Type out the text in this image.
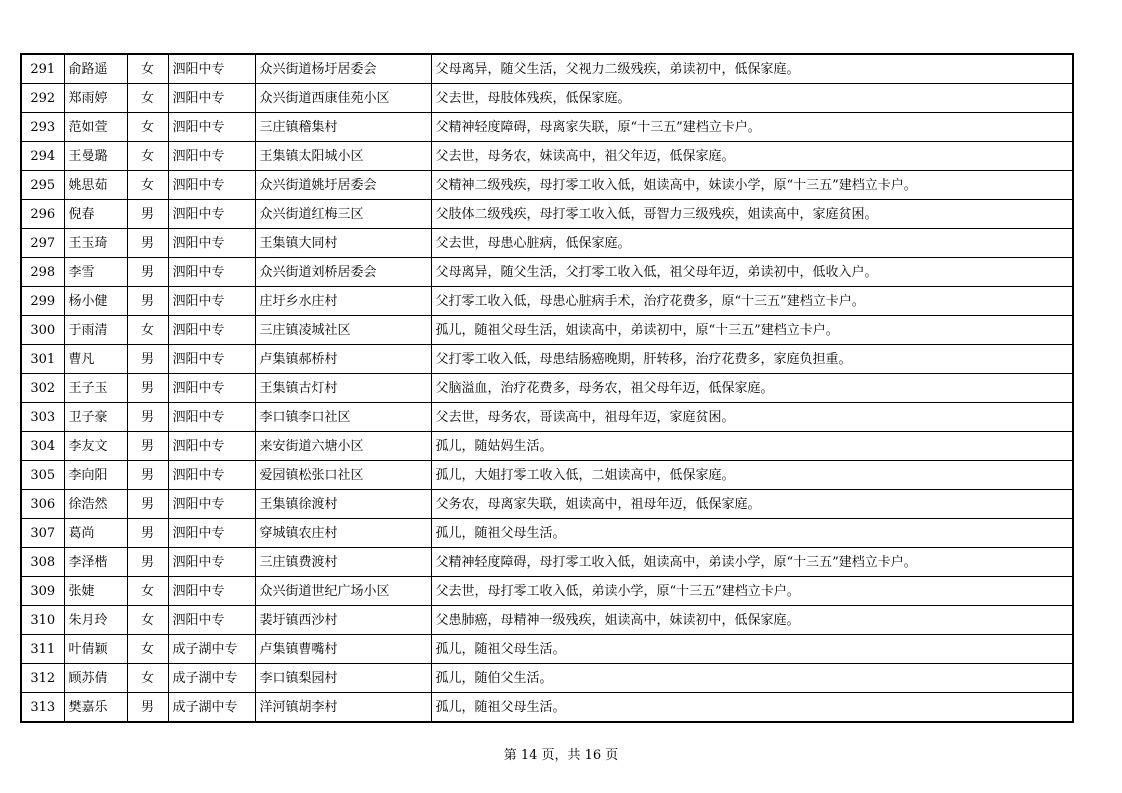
291	俞路遥	女	泗阳中专	众兴街道杨圩居委会	父母离异，随父生活，父视力二级残疾，弟读初中，低保家庭。
292	郑雨婷	女	泗阳中专	众兴街道西康佳苑小区	父去世，母肢体残疾，低保家庭。
293	范如萱	女	泗阳中专	三庄镇稽集村	父精神轻度障碍，母离家失联，原“十三五”建档立卡户。
294	王曼璐	女	泗阳中专	王集镇太阳城小区	父去世，母务农，妹读高中，祖父年迈，低保家庭。
295	姚思茹	女	泗阳中专	众兴街道姚圩居委会	父精神二级残疾，母打零工收入低，姐读高中，妹读小学，原“十三五”建档立卡户。
296	倪春	男	泗阳中专	众兴街道红梅三区	父肢体二级残疾，母打零工收入低，哥智力三级残疾，姐读高中，家庭贫困。
297	王玉琦	男	泗阳中专	王集镇大同村	父去世，母患心脏病，低保家庭。
298	李雪	男	泗阳中专	众兴街道刘桥居委会	父母离异，随父生活，父打零工收入低，祖父母年迈，弟读初中，低收入户。
299	杨小健	男	泗阳中专	庄圩乡水庄村	父打零工收入低，母患心脏病手术，治疗花费多，原“十三五”建档立卡户。
300	于雨清	女	泗阳中专	三庄镇凌城社区	孤儿，随祖父母生活，姐读高中，弟读初中，原“十三五”建档立卡户。
301	曹凡	男	泗阳中专	卢集镇郝桥村	父打零工收入低，母患结肠癌晚期，肝转移，治疗花费多，家庭负担重。
302	王子玉	男	泗阳中专	王集镇古灯村	父脑溢血，治疗花费多，母务农，祖父母年迈，低保家庭。
303	卫子豪	男	泗阳中专	李口镇李口社区	父去世，母务农，哥读高中，祖母年迈，家庭贫困。
304	李友文	男	泗阳中专	来安街道六塘小区	孤儿，随姑妈生活。
305	李向阳	男	泗阳中专	爱园镇松张口社区	孤儿，大姐打零工收入低，二姐读高中，低保家庭。
306	徐浩然	男	泗阳中专	王集镇徐渡村	父务农，母离家失联，姐读高中，祖母年迈，低保家庭。
307	葛尚	男	泗阳中专	穿城镇农庄村	孤儿，随祖父母生活。
308	李泽楷	男	泗阳中专	三庄镇费渡村	父精神轻度障碍，母打零工收入低，姐读高中，弟读小学，原“十三五”建档立卡户。
309	张婕	女	泗阳中专	众兴街道世纪广场小区	父去世，母打零工收入低，弟读小学，原“十三五”建档立卡户。
310	朱月玲	女	泗阳中专	裴圩镇西沙村	父患肺癌，母精神一级残疾，姐读高中，妹读初中，低保家庭。
311	叶倩颖	女	成子湖中专	卢集镇曹嘴村	孤儿，随祖父母生活。
312	顾苏倩	女	成子湖中专	李口镇梨园村	孤儿，随伯父生活。
313	樊嘉乐	男	成子湖中专	洋河镇胡李村	孤儿，随祖父母生活。
第 14 页，共 16 页
